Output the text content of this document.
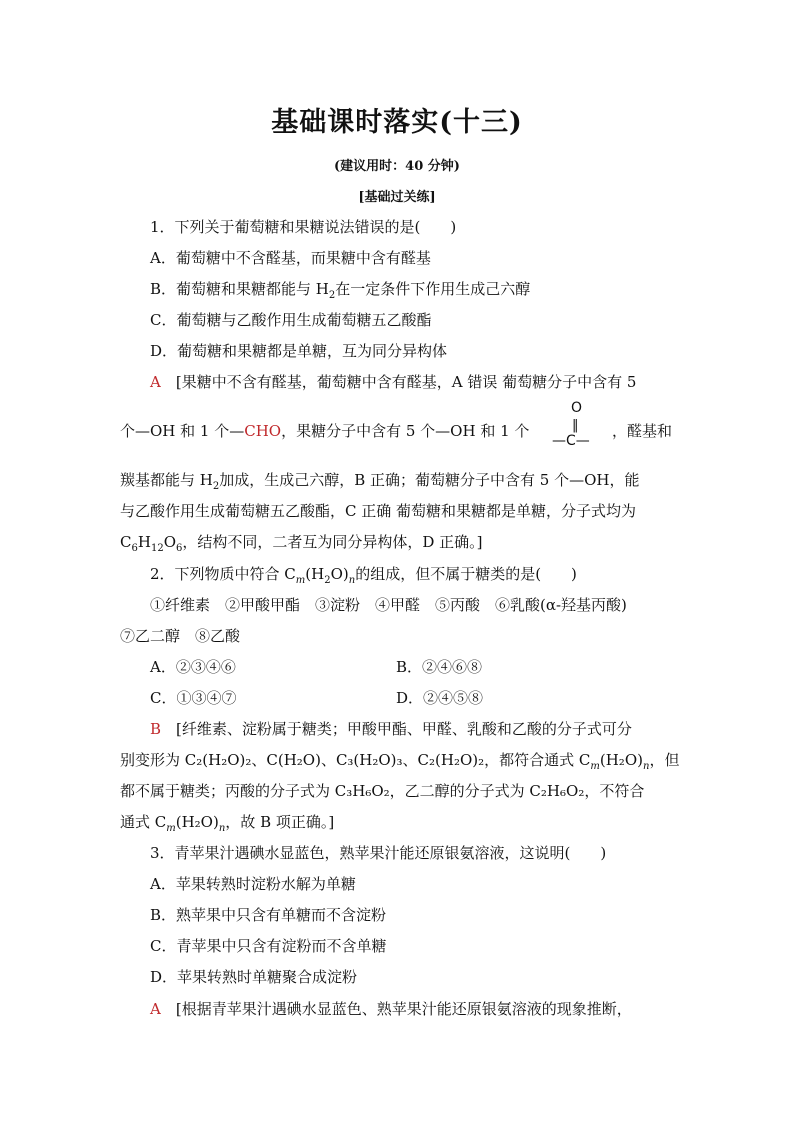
基础课时落实(十三)
(建议用时：40 分钟)
[基础过关练]
1．下列关于葡萄糖和果糖说法错误的是(　　)
A．葡萄糖中不含醛基，而果糖中含有醛基
B．葡萄糖和果糖都能与 $H_2$在一定条件下作用生成己六醇
C．葡萄糖与乙酸作用生成葡萄糖五乙酸酯
D．葡萄糖和果糖都是单糖，互为同分异构体
A　 [果糖中不含有醛基，葡萄糖中含有醛基，A 错误 葡萄糖分子中含有 5
个—OH 和 1 个—CHO，果糖分子中含有 5 个—OH 和 1 个
O
‖
—C—
，醛基和
羰基都能与 $H_2$加成，生成己六醇，B 正确；葡萄糖分子中含有 5 个—OH，能
与乙酸作用生成葡萄糖五乙酸酯，C 正确 葡萄糖和果糖都是单糖，分子式均为
$C_6H_{12}O_6$，结构不同，二者互为同分异构体，D 正确。]
2．下列物质中符合 $C_m(H_2O)_n$的组成，但不属于糖类的是(　　)
①纤维素　②甲酸甲酯　③淀粉　④甲醛　⑤丙酸　⑥乳酸(α-羟基丙酸)
⑦乙二醇　⑧乙酸
A．②③④⑥	B．②④⑥⑧
C．①③④⑦	D．②④⑤⑧
B　 [纤维素、淀粉属于糖类；甲酸甲酯、甲醛、乳酸和乙酸的分子式可分
别变形为 C₂(H₂O)₂、C(H₂O)、C₃(H₂O)₃、C₂(H₂O)₂，都符合通式 $C_m(H_2O)_n$，但
都不属于糖类；丙酸的分子式为 C₃H₆O₂，乙二醇的分子式为 C₂H₆O₂，不符合
通式 $C_m(H_2O)_n$，故 B 项正确。]
3．青苹果汁遇碘水显蓝色，熟苹果汁能还原银氨溶液，这说明(　　)
A．苹果转熟时淀粉水解为单糖
B．熟苹果中只含有单糖而不含淀粉
C．青苹果中只含有淀粉而不含单糖
D．苹果转熟时单糖聚合成淀粉
A　 [根据青苹果汁遇碘水显蓝色、熟苹果汁能还原银氨溶液的现象推断，
